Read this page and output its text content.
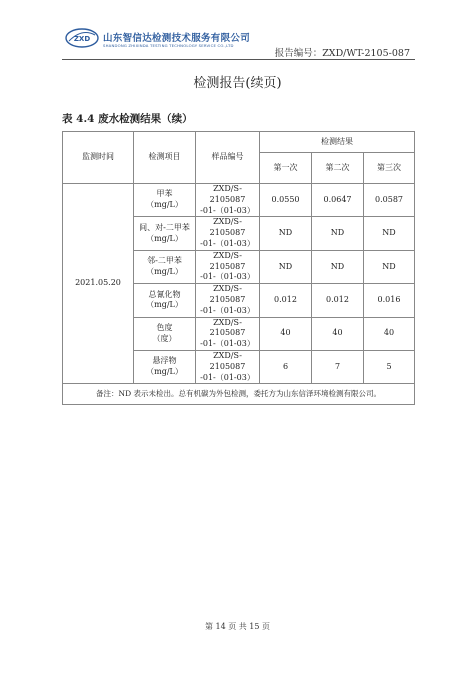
ZXD 山东智信达检测技术服务有限公司
SHANDONG ZHIXINDA TESTING TECHNOLOGY SERVICE CO.,LTD
报告编号：ZXD/WT-2105-087
检测报告(续页)
表 4.4 废水检测结果（续）
监测时间	检测项目	样品编号	检测结果		
			第一次	第二次	第三次
2021.05.20	甲苯
（mg/L）	ZXD/S-2105087
-01-（01-03）	0.0550	0.0647	0.0587

	间、对-二甲苯
（mg/L）	ZXD/S-2105087
-01-（01-03）	ND	ND	ND

	邻-二甲苯
（mg/L）	ZXD/S-2105087
-01-（01-03）	ND	ND	ND

	总氰化物
（mg/L）	ZXD/S-2105087
-01-（01-03）	0.012	0.012	0.016

	色度
（度）	ZXD/S-2105087
-01-（01-03）	40	40	40

	悬浮物
（mg/L）	ZXD/S-2105087
-01-（01-03）	6	7	5
备注：ND 表示未检出。总有机碳为外包检测，委托方为山东信泽环境检测有限公司。					
第 14 页 共 15 页
